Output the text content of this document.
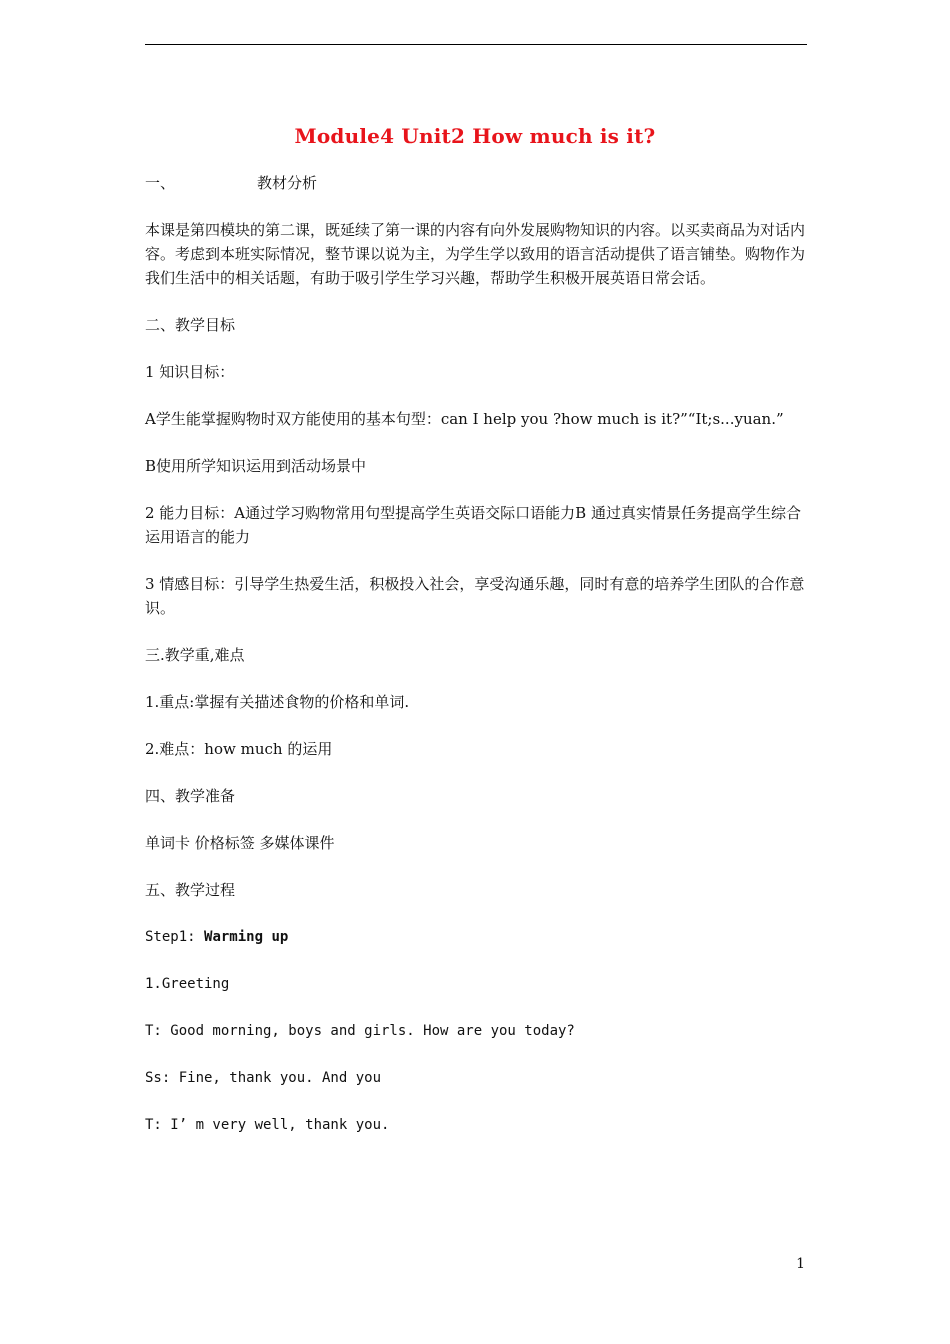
Module4 Unit2 How much is it?

一、	教材分析

本课是第四模块的第二课，既延续了第一课的内容有向外发展购物知识的内容。以买卖商品为对话内容。考虑到本班实际情况，整节课以说为主，为学生学以致用的语言活动提供了语言铺垫。购物作为我们生活中的相关话题，有助于吸引学生学习兴趣，帮助学生积极开展英语日常会话。

二、教学目标

1 知识目标：

A学生能掌握购物时双方能使用的基本句型：can I help you ?how much is it?”“It;s...yuan.”

B使用所学知识运用到活动场景中

2 能力目标：A通过学习购物常用句型提高学生英语交际口语能力B 通过真实情景任务提高学生综合运用语言的能力

3 情感目标：引导学生热爱生活，积极投入社会，享受沟通乐趣，同时有意的培养学生团队的合作意识。

三.教学重,难点

1.重点:掌握有关描述食物的价格和单词.

2.难点：how much 的运用

四、教学准备

单词卡 价格标签 多媒体课件

五、教学过程

Step1: Warming up

1.Greeting

T: Good morning, boys and girls. How are you today?

Ss: Fine, thank you. And you

T: I’ m very well, thank you.

1
